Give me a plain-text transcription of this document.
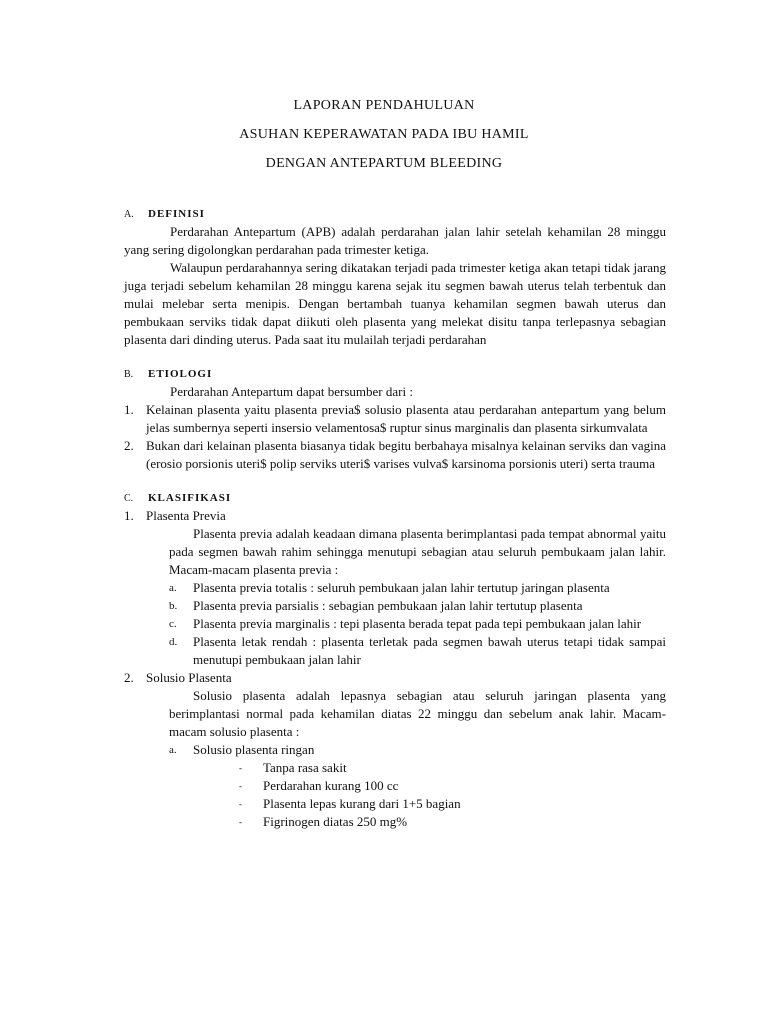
LAPORAN PENDAHULUAN
ASUHAN KEPERAWATAN PADA IBU HAMIL
DENGAN ANTEPARTUM BLEEDING
A.	DEFINISI

Perdarahan Antepartum (APB) adalah perdarahan jalan lahir setelah kehamilan 28 minggu yang sering digolongkan perdarahan pada trimester ketiga.

Walaupun perdarahannya sering dikatakan terjadi pada trimester ketiga akan tetapi tidak jarang juga terjadi sebelum kehamilan 28 minggu karena sejak itu segmen bawah uterus telah terbentuk dan mulai melebar serta menipis. Dengan bertambah tuanya kehamilan segmen bawah uterus dan pembukaan serviks tidak dapat diikuti oleh plasenta yang melekat disitu tanpa terlepasnya sebagian plasenta dari dinding uterus. Pada saat itu mulailah terjadi perdarahan

B.	ETIOLOGI

Perdarahan Antepartum dapat bersumber dari :

1. Kelainan plasenta yaitu plasenta previa$ solusio plasenta atau perdarahan antepartum yang belum jelas sumbernya seperti insersio velamentosa$ ruptur sinus marginalis dan plasenta sirkumvalata
2. Bukan dari kelainan plasenta biasanya tidak begitu berbahaya misalnya kelainan serviks dan vagina (erosio porsionis uteri$ polip serviks uteri$ varises vulva$ karsinoma porsionis uteri) serta trauma
C.	KLASIFIKASI
1. Plasenta Previa

Plasenta previa adalah keadaan dimana plasenta berimplantasi pada tempat abnormal yaitu pada segmen bawah rahim sehingga menutupi sebagian atau seluruh pembukaam jalan lahir. Macam-macam plasenta previa :

a.	Plasenta previa totalis : seluruh pembukaan jalan lahir tertutup jaringan plasenta
b.	Plasenta previa parsialis : sebagian pembukaan jalan lahir tertutup plasenta
c.	Plasenta previa marginalis : tepi plasenta berada tepat pada tepi pembukaan jalan lahir
d.	Plasenta letak rendah : plasenta terletak pada segmen bawah uterus tetapi tidak sampai menutupi pembukaan jalan lahir
2. Solusio Plasenta

Solusio plasenta adalah lepasnya sebagian atau seluruh jaringan plasenta yang berimplantasi normal pada kehamilan diatas 22 minggu dan sebelum anak lahir. Macam-macam solusio plasenta :

a.	Solusio plasenta ringan
-	Tanpa rasa sakit
-	Perdarahan kurang 100 cc
-	Plasenta lepas kurang dari 1+5 bagian
-	Figrinogen diatas 250 mg%
